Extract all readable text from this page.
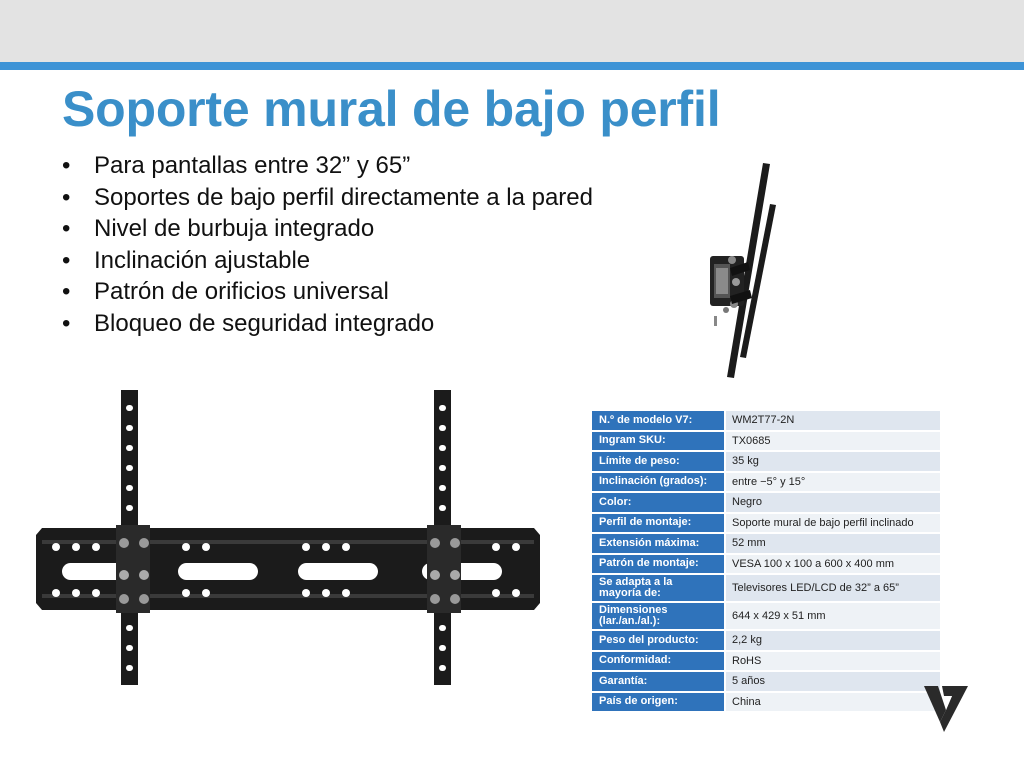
Soporte mural de bajo perfil
• Para pantallas entre 32” y 65”
• Soportes de bajo perfil directamente a la pared
• Nivel de burbuja integrado
• Inclinación ajustable
• Patrón de orificios universal
• Bloqueo de seguridad integrado
N.º de modelo V7:	WM2T77-2N
Ingram SKU:	TX0685
Límite de peso:	35 kg
Inclinación (grados):	entre −5° y 15°
Color:	Negro
Perfil de montaje:	Soporte mural de bajo perfil inclinado
Extensión máxima:	52 mm
Patrón de montaje:	VESA 100 x 100 a 600 x 400 mm
Se adapta a la mayoría de:	Televisores LED/LCD de 32” a 65”
Dimensiones (lar./an./al.):	644 x 429 x 51 mm
Peso del producto:	2,2 kg
Conformidad:	RoHS
Garantía:	5 años
País de origen:	China
